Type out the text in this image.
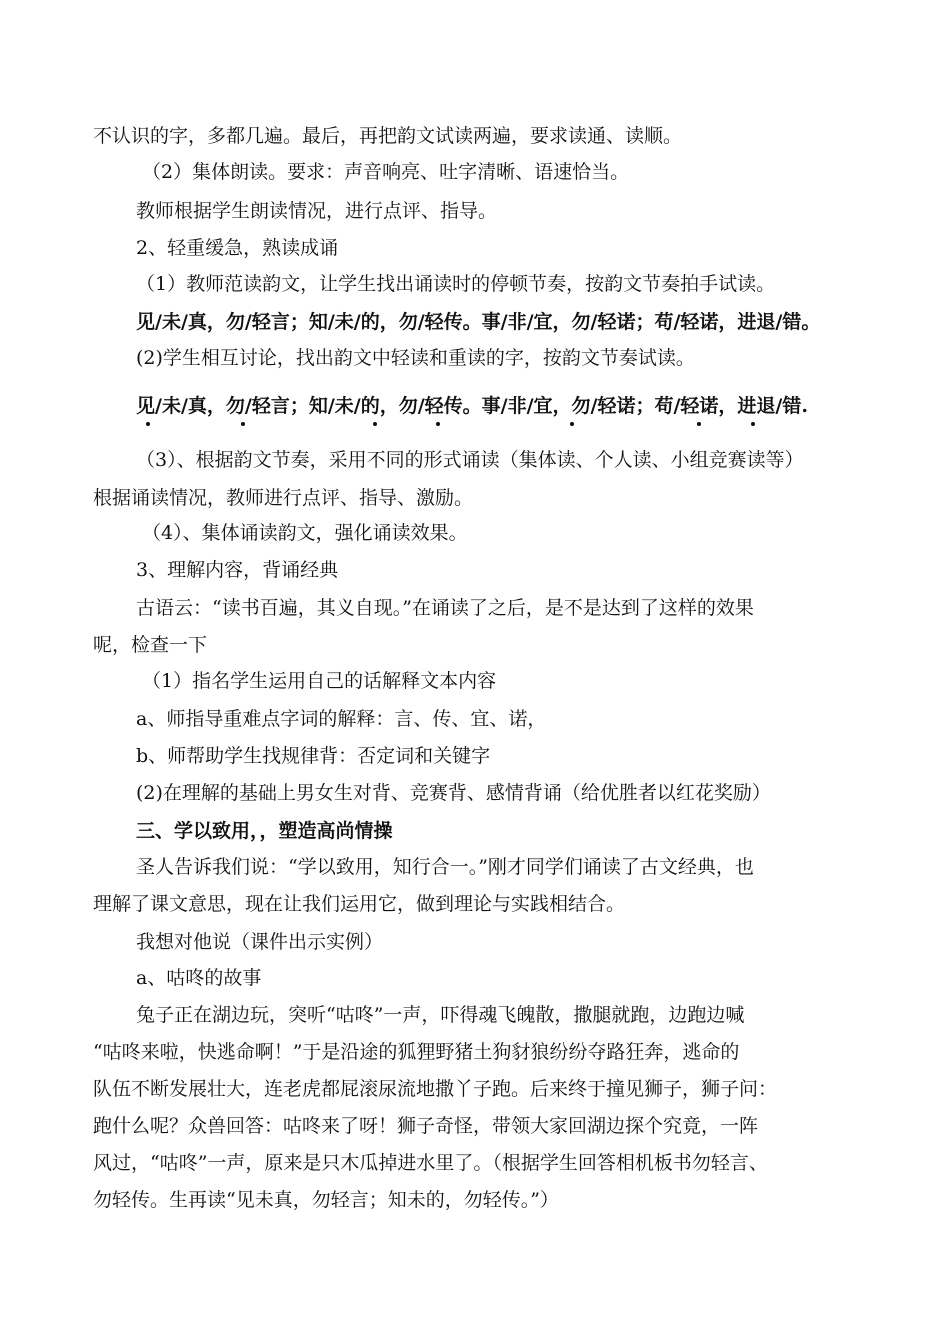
不认识的字，多都几遍。最后，再把韵文试读两遍，要求读通、读顺。
（2）集体朗读。要求：声音响亮、吐字清晰、语速恰当。
教师根据学生朗读情况，进行点评、指导。
2、轻重缓急，熟读成诵
（1）教师范读韵文，让学生找出诵读时的停顿节奏，按韵文节奏拍手试读。
见/未/真，勿/轻言；知/未/的，勿/轻传。事/非/宜，勿/轻诺；苟/轻诺，进退/错。
(2)学生相互讨论，找出韵文中轻读和重读的字，按韵文节奏试读。
见/未/真，勿/轻言；知/未/的，勿/轻传。事/非/宜，勿/轻诺；苟/轻诺，进退/错.
（3）、根据韵文节奏，采用不同的形式诵读（集体读、个人读、小组竞赛读等）
根据诵读情况，教师进行点评、指导、激励。
（4）、集体诵读韵文，强化诵读效果。
3、理解内容，背诵经典
古语云：“读书百遍，其义自现。”在诵读了之后，是不是达到了这样的效果
呢，检查一下
（1）指名学生运用自己的话解释文本内容
a、师指导重难点字词的解释：言、传、宜、诺，
b、师帮助学生找规律背：否定词和关键字
(2)在理解的基础上男女生对背、竞赛背、感情背诵（给优胜者以红花奖励）
三、学以致用，，塑造高尚情操
圣人告诉我们说：“学以致用，知行合一。”刚才同学们诵读了古文经典，也
理解了课文意思，现在让我们运用它，做到理论与实践相结合。
我想对他说（课件出示实例）
a、咕咚的故事
兔子正在湖边玩，突听“咕咚”一声，吓得魂飞魄散，撒腿就跑，边跑边喊
“咕咚来啦，快逃命啊！”于是沿途的狐狸野猪土狗豺狼纷纷夺路狂奔，逃命的
队伍不断发展壮大，连老虎都屁滚尿流地撒丫子跑。后来终于撞见狮子，狮子问：
跑什么呢？众兽回答：咕咚来了呀！狮子奇怪，带领大家回湖边探个究竟，一阵
风过，“咕咚”一声，原来是只木瓜掉进水里了。（根据学生回答相机板书勿轻言、
勿轻传。生再读“见未真，勿轻言；知未的，勿轻传。”）
